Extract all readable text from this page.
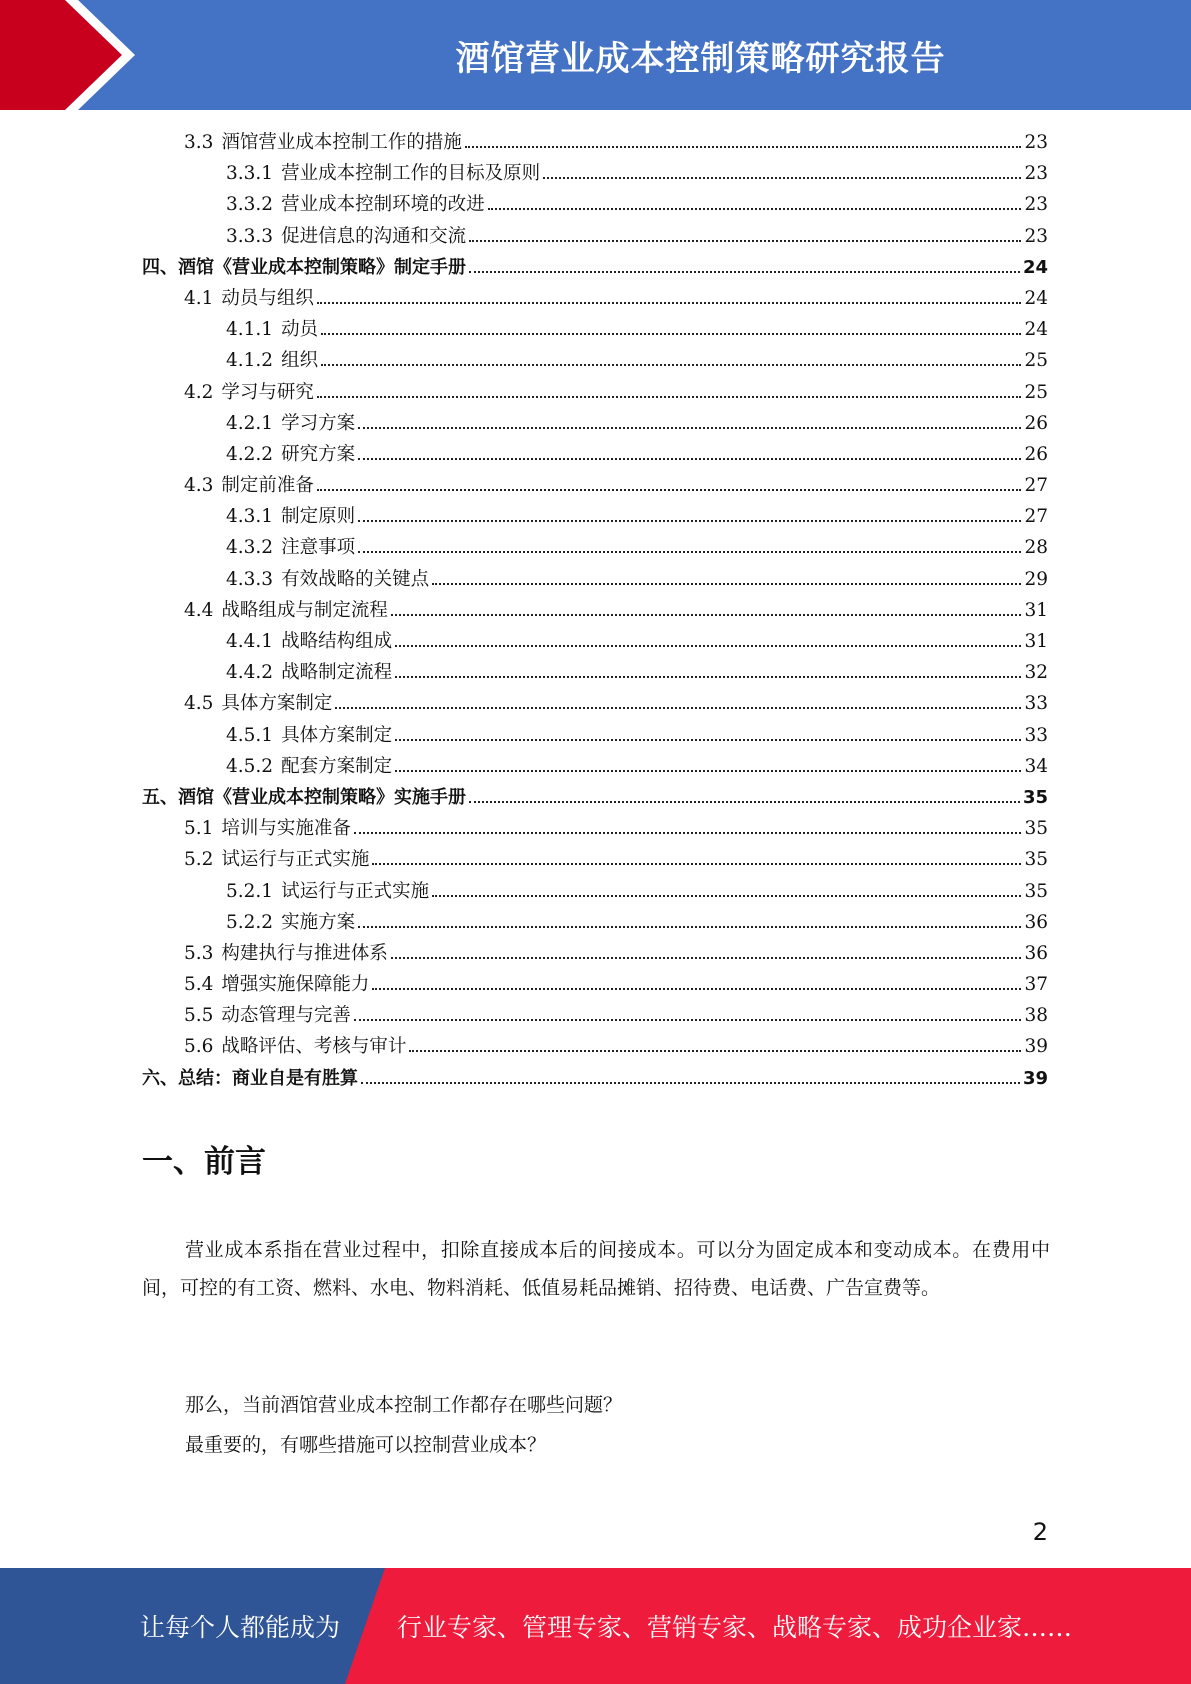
酒馆营业成本控制策略研究报告
3.3 酒馆营业成本控制工作的措施	23
3.3.1 营业成本控制工作的目标及原则	23
3.3.2 营业成本控制环境的改进	23
3.3.3 促进信息的沟通和交流	23
四、 酒馆《营业成本控制策略》制定手册	24
4.1 动员与组织	24
4.1.1 动员	24
4.1.2 组织	25
4.2 学习与研究	25
4.2.1 学习方案	26
4.2.2 研究方案	26
4.3 制定前准备	27
4.3.1 制定原则	27
4.3.2 注意事项	28
4.3.3 有效战略的关键点	29
4.4 战略组成与制定流程	31
4.4.1 战略结构组成	31
4.4.2 战略制定流程	32
4.5 具体方案制定	33
4.5.1 具体方案制定	33
4.5.2 配套方案制定	34
五、 酒馆《营业成本控制策略》实施手册	35
5.1 培训与实施准备	35
5.2 试运行与正式实施	35
5.2.1 试运行与正式实施	35
5.2.2 实施方案	36
5.3 构建执行与推进体系	36
5.4 增强实施保障能力	37
5.5 动态管理与完善	38
5.6 战略评估、考核与审计	39
六、 总结：商业自是有胜算	39
一、前言
营业成本系指在营业过程中，扣除直接成本后的间接成本。可以分为固定成本和变动成本。在费用中间，可控的有工资、燃料、水电、物料消耗、低值易耗品摊销、招待费、电话费、广告宣费等。
那么，当前酒馆营业成本控制工作都存在哪些问题？
最重要的，有哪些措施可以控制营业成本？
2
让每个人都能成为 行业专家、管理专家、营销专家、战略专家、成功企业家……
